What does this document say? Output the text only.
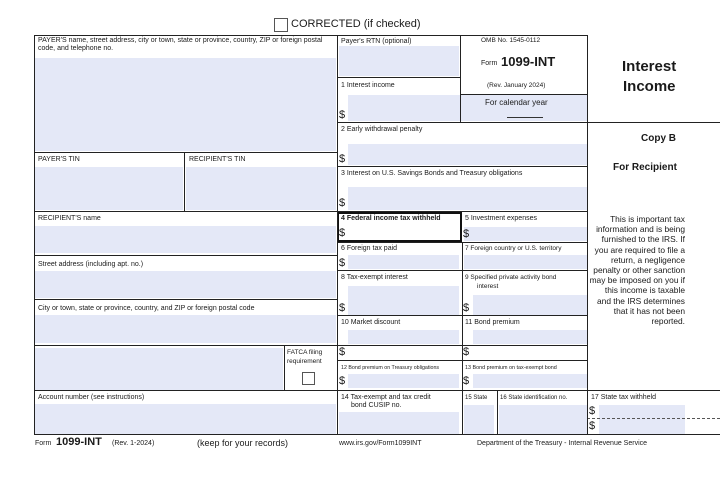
CORRECTED (if checked)
PAYER'S name, street address, city or town, state or province, country, ZIP or foreign postal code, and telephone no.
PAYER'S TIN	RECIPIENT'S TIN
RECIPIENT'S name
Street address (including apt. no.)
City or town, state or province, country, and ZIP or foreign postal code
FATCA filing
requirement
Account number (see instructions)
Payer's RTN (optional)	OMB No. 1545-0112
Form 1099-INT
(Rev. January 2024)
For calendar year
Interest
Income
Copy B
For Recipient
This is important tax information and is being furnished to the IRS. If you are required to file a return, a negligence penalty or other sanction may be imposed on you if this income is taxable and the IRS determines that it has not been reported.
1 Interest income
$
2 Early withdrawal penalty
$
3 Interest on U.S. Savings Bonds and Treasury obligations
$
4 Federal income tax withheld
$
5 Investment expenses
$
6 Foreign tax paid
$
7 Foreign country or U.S. territory
8 Tax-exempt interest
$
9 Specified private activity bond
interest
$
10 Market discount
$
11 Bond premium
$
12 Bond premium on Treasury obligations
$
13 Bond premium on tax-exempt bond
$
14 Tax-exempt and tax credit
bond CUSIP no.
15 State 16 State identification no.	17 State tax withheld
$
$
Form 1099-INT (Rev. 1-2024)	(keep for your records)	www.irs.gov/Form1099INT	Department of the Treasury - Internal Revenue Service
